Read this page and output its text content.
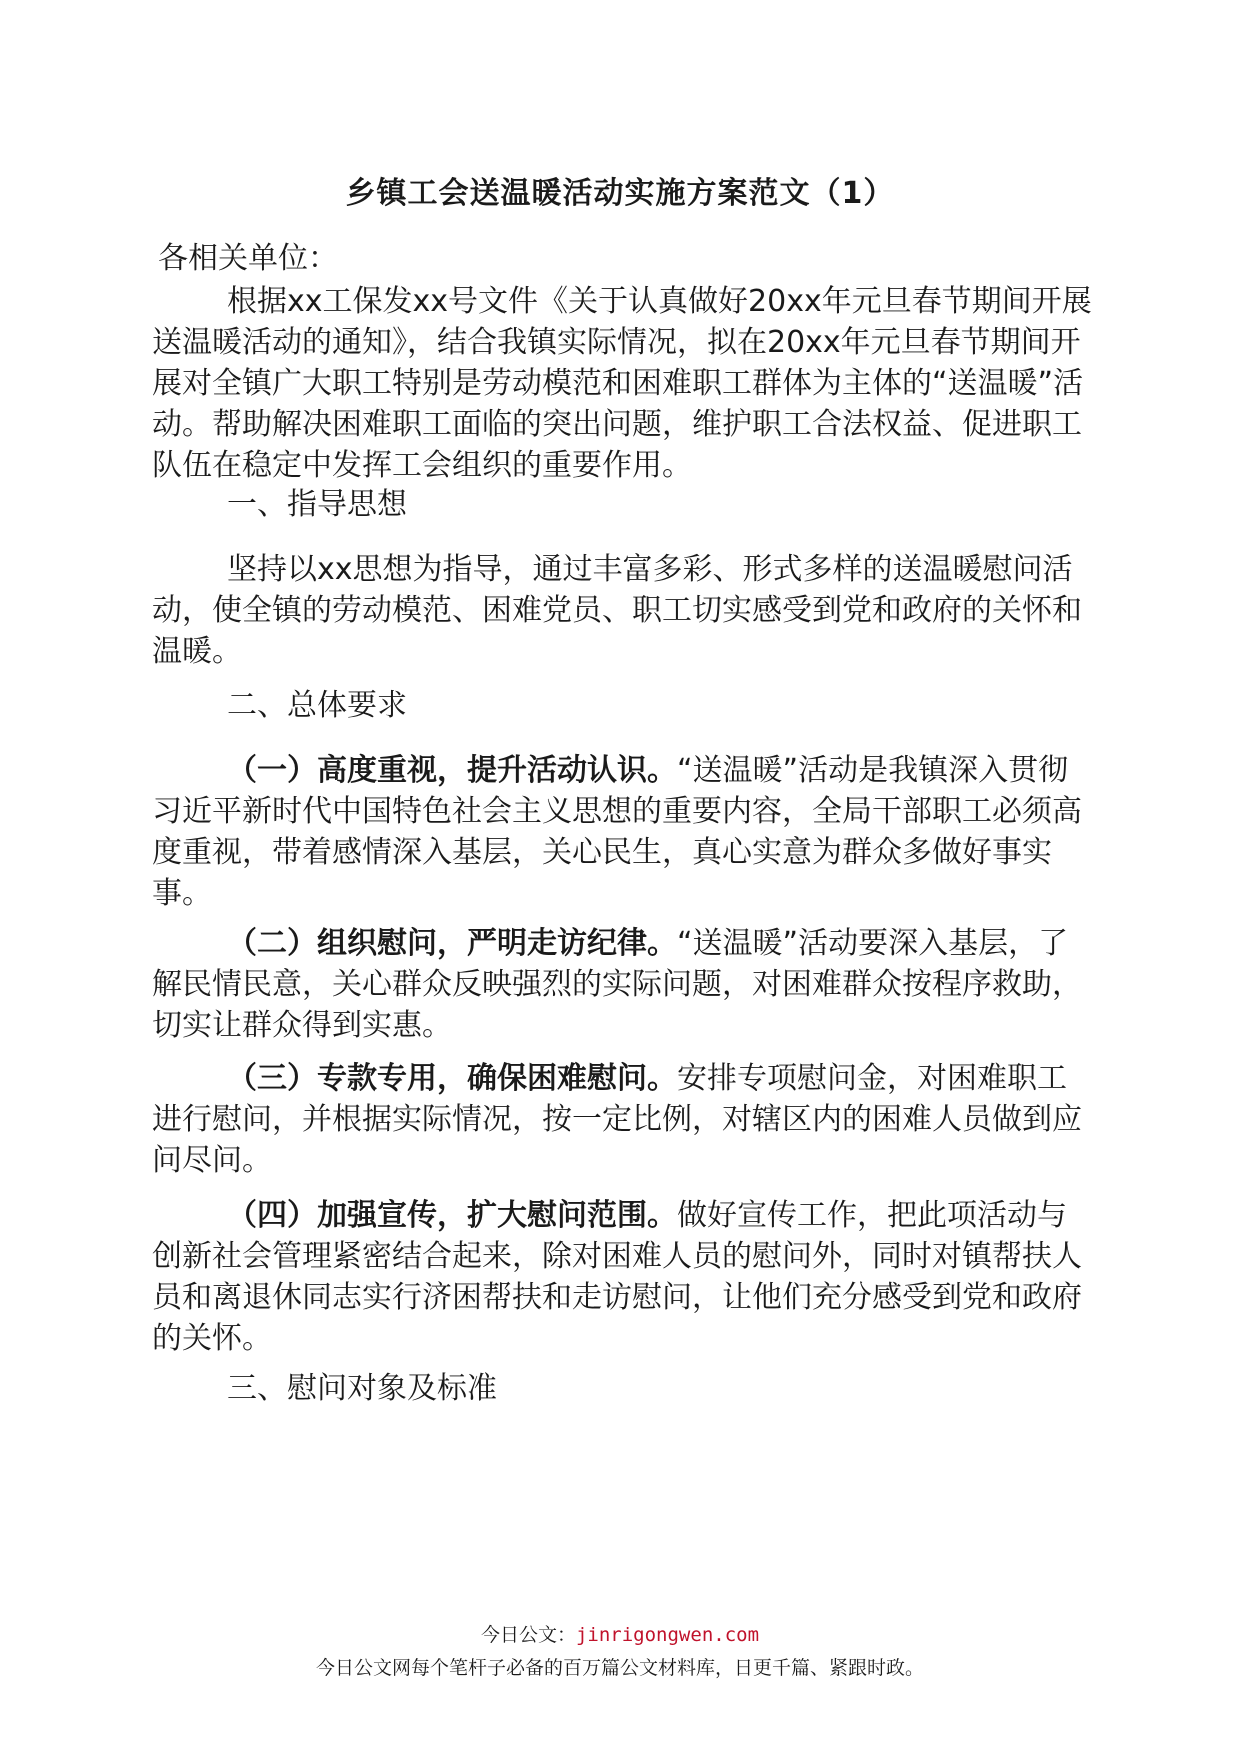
乡镇工会送温暖活动实施方案范文（1）

各相关单位：

根据xx工保发xx号文件《关于认真做好20xx年元旦春节期间开展送温暖活动的通知》，结合我镇实际情况，拟在20xx年元旦春节期间开展对全镇广大职工特别是劳动模范和困难职工群体为主体的“送温暖”活动。帮助解决困难职工面临的突出问题，维护职工合法权益、促进职工队伍在稳定中发挥工会组织的重要作用。

一、指导思想

坚持以xx思想为指导，通过丰富多彩、形式多样的送温暖慰问活动，使全镇的劳动模范、困难党员、职工切实感受到党和政府的关怀和温暖。

二、总体要求

（一）高度重视，提升活动认识。“送温暖”活动是我镇深入贯彻习近平新时代中国特色社会主义思想的重要内容，全局干部职工必须高度重视，带着感情深入基层，关心民生，真心实意为群众多做好事实事。

（二）组织慰问，严明走访纪律。“送温暖”活动要深入基层，了解民情民意，关心群众反映强烈的实际问题，对困难群众按程序救助，切实让群众得到实惠。

（三）专款专用，确保困难慰问。安排专项慰问金，对困难职工进行慰问，并根据实际情况，按一定比例，对辖区内的困难人员做到应问尽问。

（四）加强宣传，扩大慰问范围。做好宣传工作，把此项活动与创新社会管理紧密结合起来，除对困难人员的慰问外，同时对镇帮扶人员和离退休同志实行济困帮扶和走访慰问，让他们充分感受到党和政府的关怀。

三、慰问对象及标准

今日公文：jinrigongwen.com
今日公文网每个笔杆子必备的百万篇公文材料库，日更千篇、紧跟时政。
